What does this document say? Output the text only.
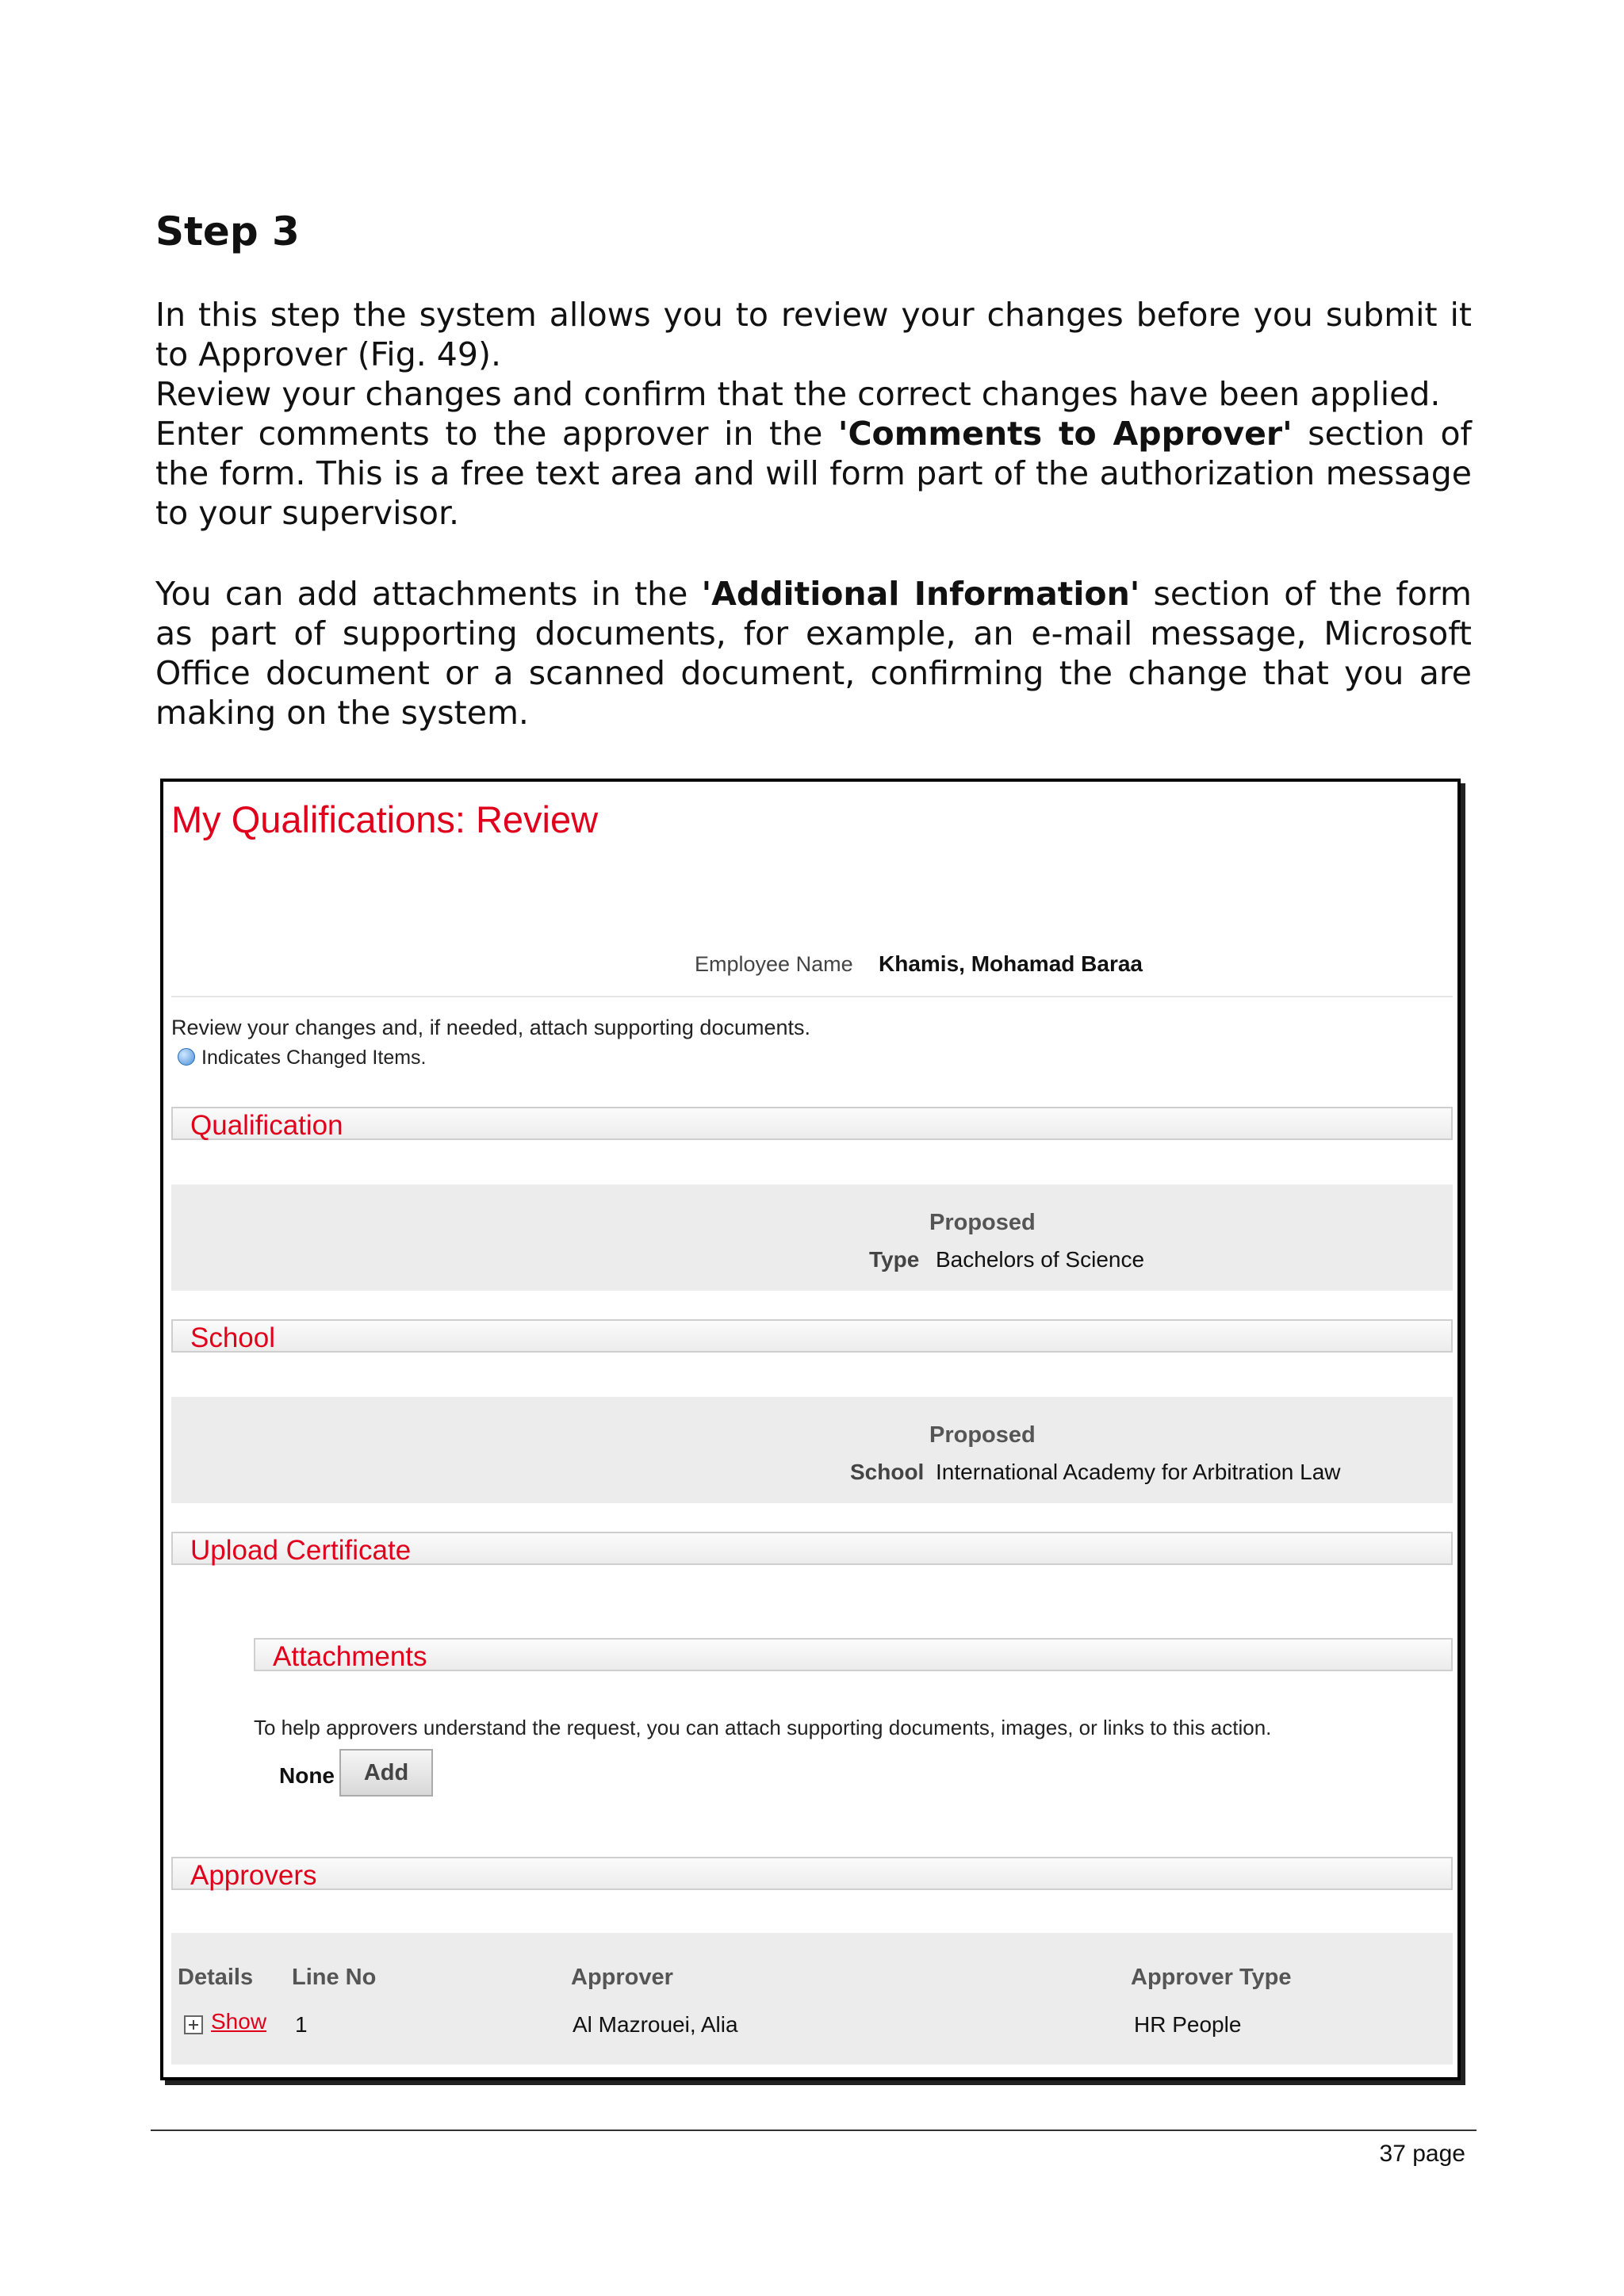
Step 3

In this step the system allows you to review your changes before you submit it to Approver (Fig. 49).

Review your changes and confirm that the correct changes have been applied.

Enter comments to the approver in the 'Comments to Approver' section of the form. This is a free text area and will form part of the authorization message to your supervisor.

You can add attachments in the 'Additional Information' section of the form as part of supporting documents, for example, an e-mail message, Microsoft Office document or a scanned document, confirming the change that you are making on the system.

My Qualifications: Review
Employee Name Khamis, Mohamad Baraa
Review your changes and, if needed, attach supporting documents.
Indicates Changed Items.
Qualification
Proposed
Type Bachelors of Science
School
Proposed
School International Academy for Arbitration Law
Upload Certificate
Attachments
To help approvers understand the request, you can attach supporting documents, images, or links to this action.
None	Add
Approvers
Details Line No	Approver	Approver Type
Show 1	Al Mazrouei, Alia	HR People
37 page
